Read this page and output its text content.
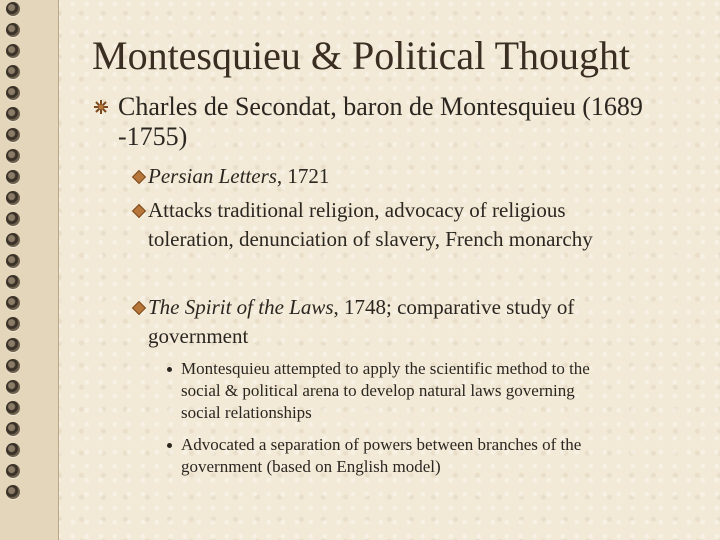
Montesquieu & Political Thought
Charles de Secondat, baron de Montesquieu (1689
-1755)
Persian Letters, 1721
Attacks traditional religion, advocacy of religious
toleration, denunciation of slavery, French monarchy
The Spirit of the Laws, 1748; comparative study of
government
Montesquieu attempted to apply the scientific method to the
social & political arena to develop natural laws governing
social relationships
Advocated a separation of powers between branches of the
government (based on English model)
